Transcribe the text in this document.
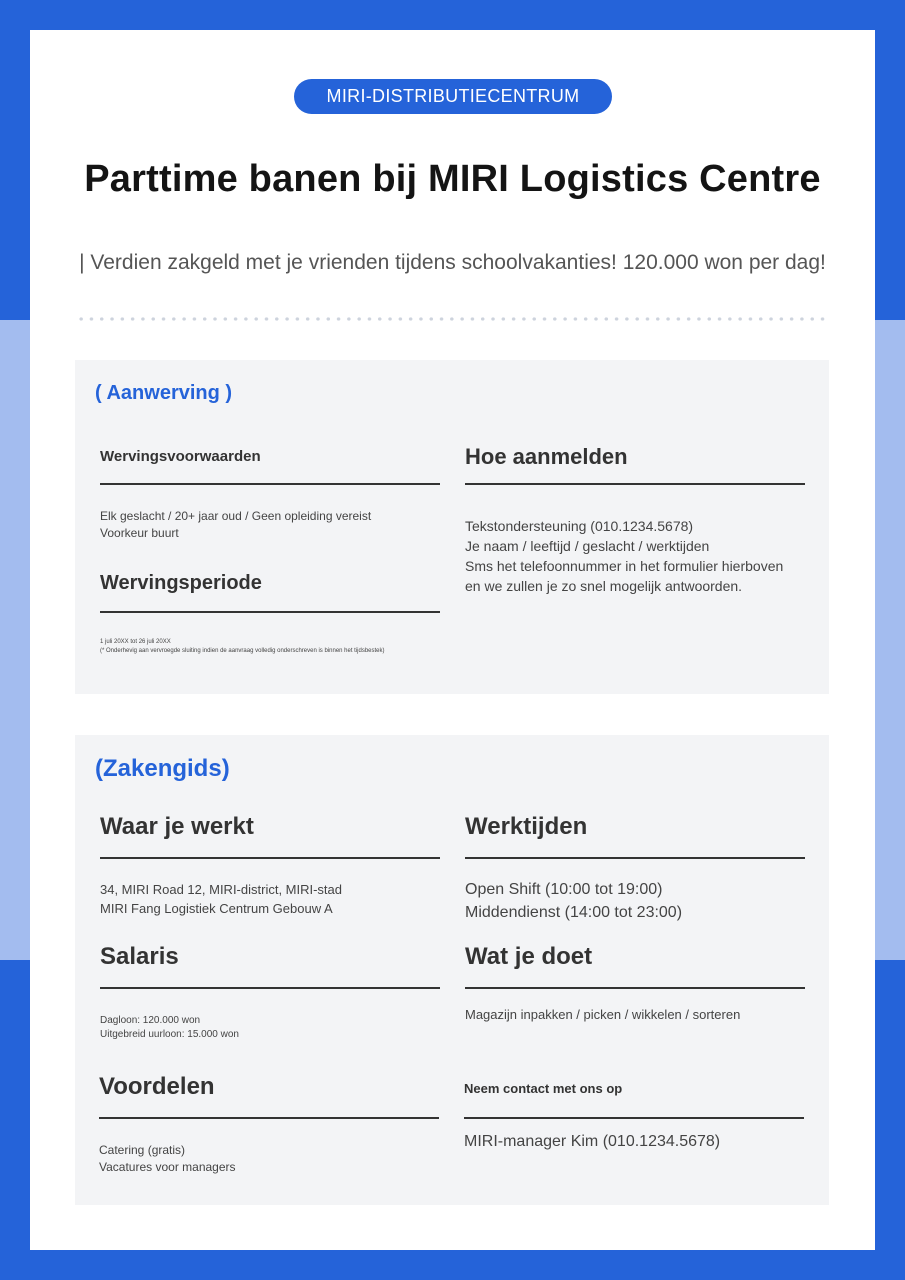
MIRI-DISTRIBUTIECENTRUM
Parttime banen bij MIRI Logistics Centre
| Verdien zakgeld met je vrienden tijdens schoolvakanties! 120.000 won per dag!
( Aanwerving )
Wervingsvoorwaarden
Elk geslacht / 20+ jaar oud / Geen opleiding vereist
Voorkeur buurt
Wervingsperiode
1 juli 20XX tot 26 juli 20XX
(* Onderhevig aan vervroegde sluiting indien de aanvraag volledig onderschreven is binnen het tijdsbestek)
Hoe aanmelden
Tekstondersteuning (010.1234.5678)
Je naam / leeftijd / geslacht / werktijden
Sms het telefoonnummer in het formulier hierboven
en we zullen je zo snel mogelijk antwoorden.
(Zakengids)
Waar je werkt
34, MIRI Road 12, MIRI-district, MIRI-stad
MIRI Fang Logistiek Centrum Gebouw A
Salaris
Dagloon: 120.000 won
Uitgebreid uurloon: 15.000 won
Voordelen
Catering (gratis)
Vacatures voor managers
Werktijden
Open Shift (10:00 tot 19:00)
Middendienst (14:00 tot 23:00)
Wat je doet
Magazijn inpakken / picken / wikkelen / sorteren
Neem contact met ons op
MIRI-manager Kim (010.1234.5678)
